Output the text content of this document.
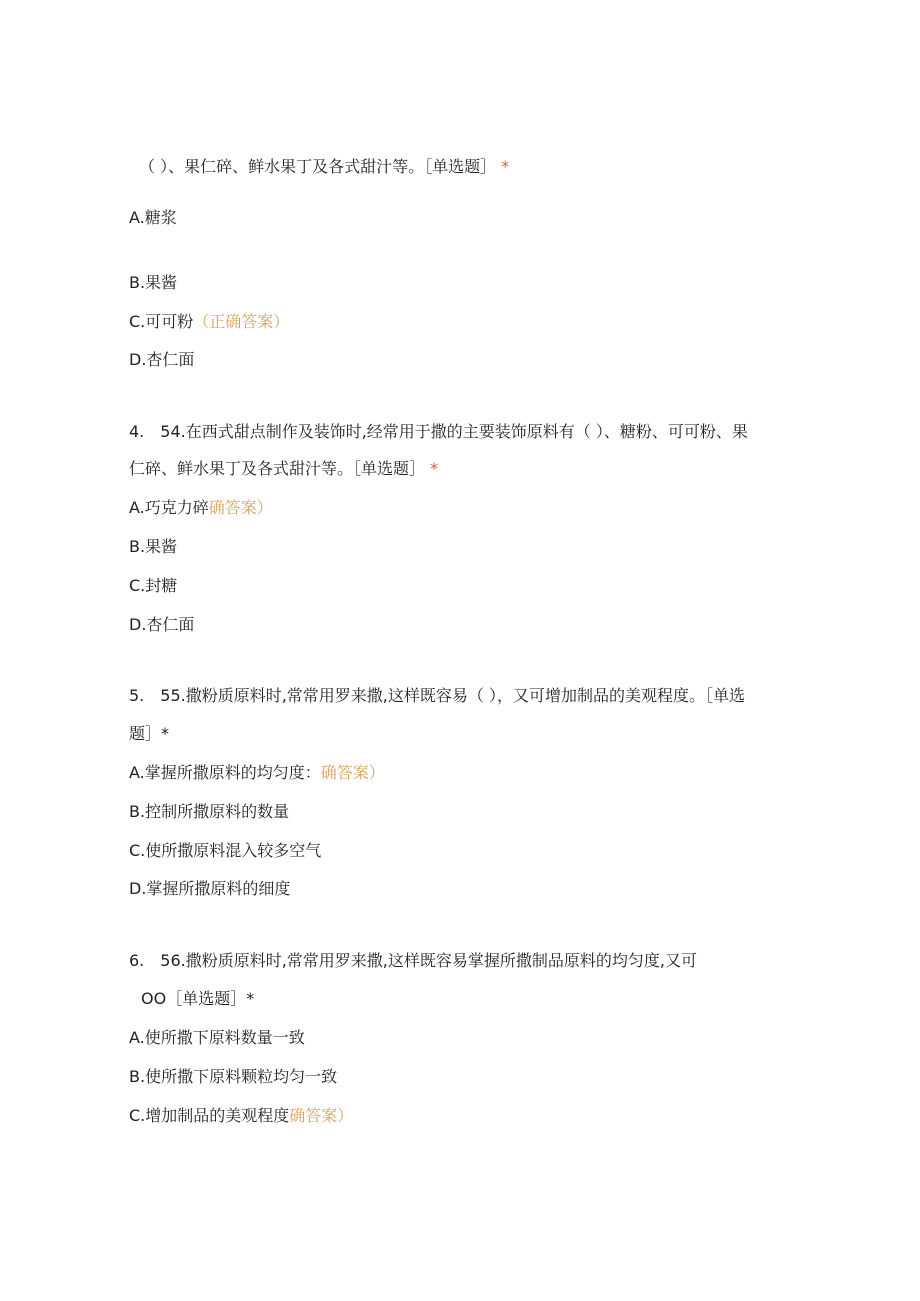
（ ）、果仁碎、鲜水果丁及各式甜汁等。［单选题］ *
A.糖浆
B.果酱
C.可可粉（正确答案）
D.杏仁面
4.　54.在西式甜点制作及装饰时,经常用于撒的主要装饰原料有（ ）、糖粉、可可粉、果
仁碎、鲜水果丁及各式甜汁等。［单选题］ *
A.巧克力碎确答案）
B.果酱
C.封糖
D.杏仁面
5.　55.撒粉质原料时,常常用罗来撒,这样既容易（ ），又可增加制品的美观程度。［单选
题］*
A.掌握所撒原料的均匀度：确答案）
B.控制所撒原料的数量
C.使所撒原料混入较多空气
D.掌握所撒原料的细度
6.　56.撒粉质原料时,常常用罗来撒,这样既容易掌握所撒制品原料的均匀度,又可
OO［单选题］*
A.使所撒下原料数量一致
B.使所撒下原料颗粒均匀一致
C.增加制品的美观程度确答案）
